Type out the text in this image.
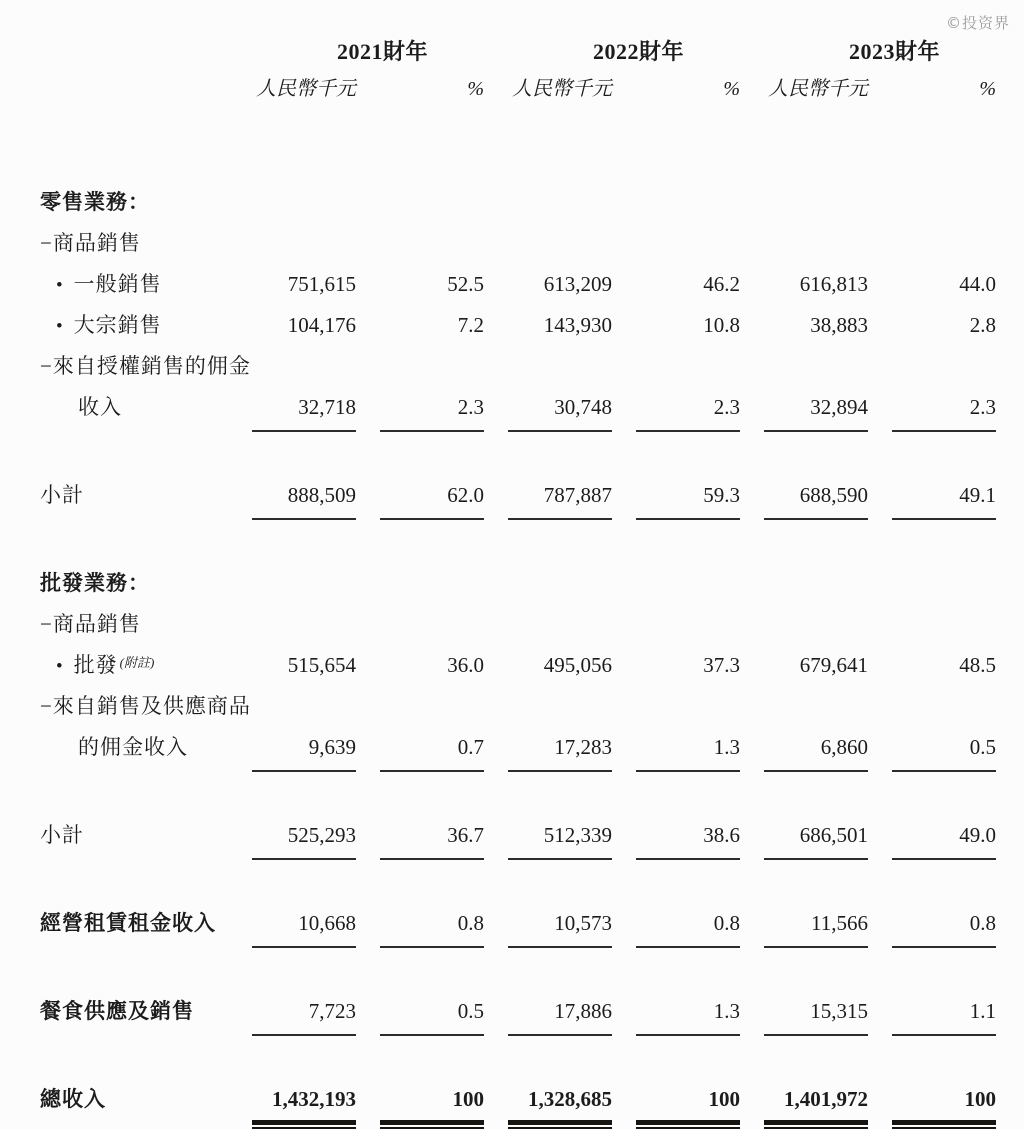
©投资界
2021財年	2022財年	2023財年
人民幣千元	%	人民幣千元	%	人民幣千元	%
零售業務：
−商品銷售
• 一般銷售	751,615	52.5	613,209	46.2	616,813	44.0
• 大宗銷售	104,176	7.2	143,930	10.8	38,883	2.8
−來自授權銷售的佣金
收入	32,718	2.3	30,748	2.3	32,894	2.3
小計	888,509	62.0	787,887	59.3	688,590	49.1
批發業務：
−商品銷售
• 批發 $^{(附註)}$	515,654	36.0	495,056	37.3	679,641	48.5
−來自銷售及供應商品
的佣金收入	9,639	0.7	17,283	1.3	6,860	0.5
小計	525,293	36.7	512,339	38.6	686,501	49.0
經營租賃租金收入	10,668	0.8	10,573	0.8	11,566	0.8
餐食供應及銷售	7,723	0.5	17,886	1.3	15,315	1.1
總收入	1,432,193	100	1,328,685	100	1,401,972	100
